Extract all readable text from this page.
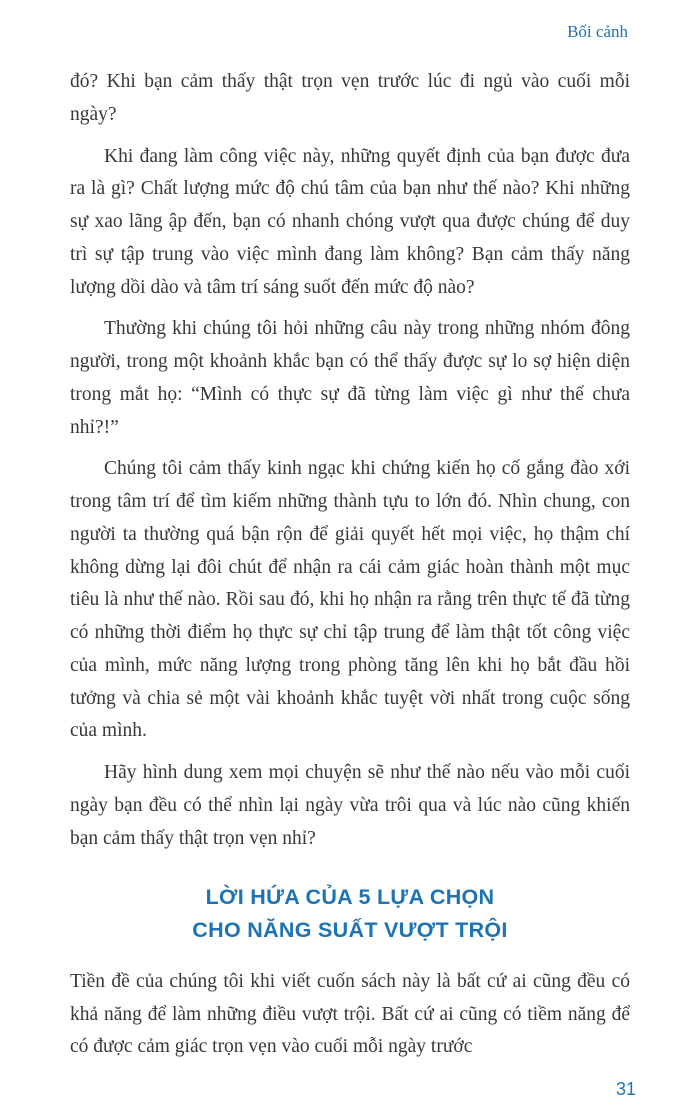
Bối cảnh

đó? Khi bạn cảm thấy thật trọn vẹn trước lúc đi ngủ vào cuối mỗi ngày?

Khi đang làm công việc này, những quyết định của bạn được đưa ra là gì? Chất lượng mức độ chú tâm của bạn như thế nào? Khi những sự xao lãng ập đến, bạn có nhanh chóng vượt qua được chúng để duy trì sự tập trung vào việc mình đang làm không? Bạn cảm thấy năng lượng dồi dào và tâm trí sáng suốt đến mức độ nào?

Thường khi chúng tôi hỏi những câu này trong những nhóm đông người, trong một khoảnh khắc bạn có thể thấy được sự lo sợ hiện diện trong mắt họ: “Mình có thực sự đã từng làm việc gì như thế chưa nhỉ?!”

Chúng tôi cảm thấy kinh ngạc khi chứng kiến họ cố gắng đào xới trong tâm trí để tìm kiếm những thành tựu to lớn đó. Nhìn chung, con người ta thường quá bận rộn để giải quyết hết mọi việc, họ thậm chí không dừng lại đôi chút để nhận ra cái cảm giác hoàn thành một mục tiêu là như thế nào. Rồi sau đó, khi họ nhận ra rằng trên thực tế đã từng có những thời điểm họ thực sự chỉ tập trung để làm thật tốt công việc của mình, mức năng lượng trong phòng tăng lên khi họ bắt đầu hồi tưởng và chia sẻ một vài khoảnh khắc tuyệt vời nhất trong cuộc sống của mình.

Hãy hình dung xem mọi chuyện sẽ như thế nào nếu vào mỗi cuối ngày bạn đều có thể nhìn lại ngày vừa trôi qua và lúc nào cũng khiến bạn cảm thấy thật trọn vẹn nhỉ?

LỜI HỨA CỦA 5 LỰA CHỌN
CHO NĂNG SUẤT VƯỢT TRỘI

Tiền đề của chúng tôi khi viết cuốn sách này là bất cứ ai cũng đều có khả năng để làm những điều vượt trội. Bất cứ ai cũng có tiềm năng để có được cảm giác trọn vẹn vào cuối mỗi ngày trước

31
